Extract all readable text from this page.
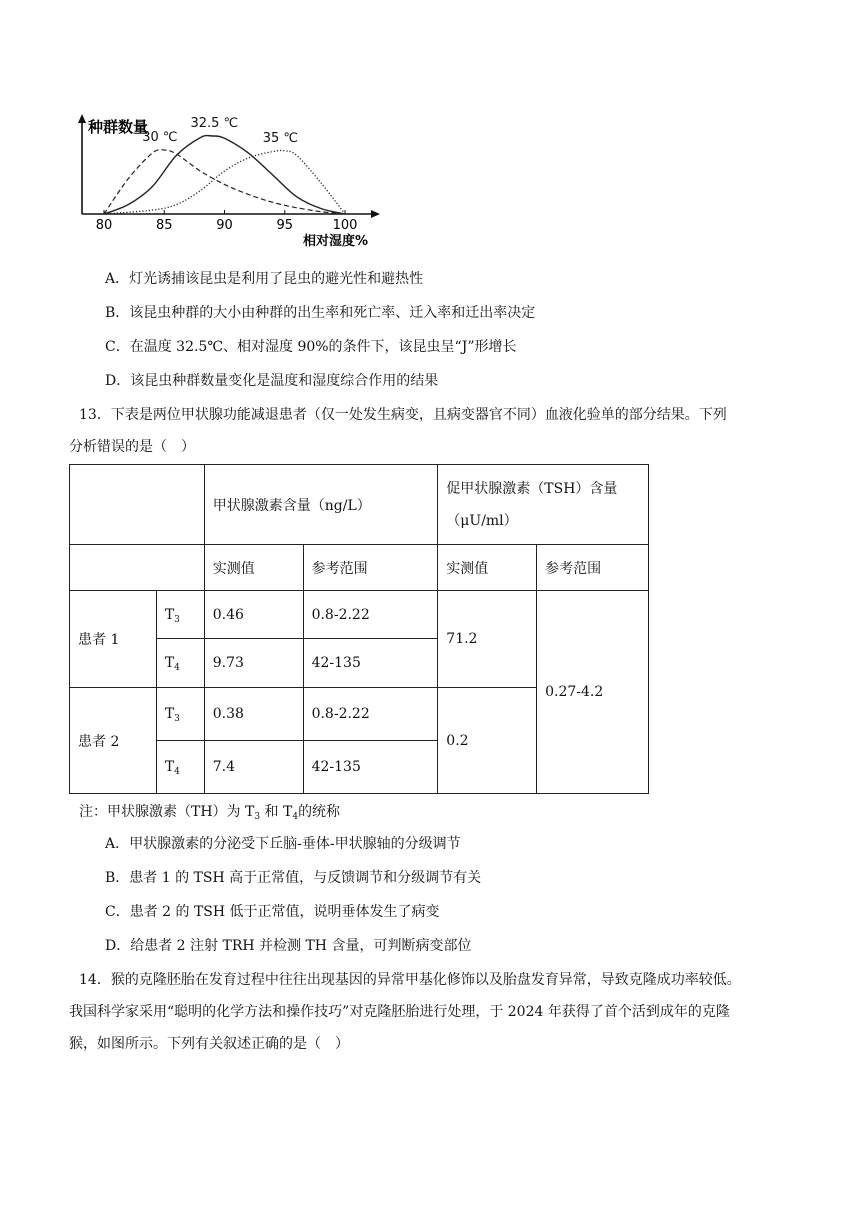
种群数量
相对湿度%
80	85	90	95	100
30 ℃
32.5 ℃
35 ℃
A．灯光诱捕该昆虫是利用了昆虫的避光性和避热性
B．该昆虫种群的大小由种群的出生率和死亡率、迁入率和迁出率决定
C．在温度 32.5℃、相对湿度 90%的条件下，该昆虫呈“J”形增长
D．该昆虫种群数量变化是温度和湿度综合作用的结果
13．下表是两位甲状腺功能减退患者（仅一处发生病变，且病变器官不同）血液化验单的部分结果。下列
分析错误的是（　）
		甲状腺激素含量（ng/L）		促甲状腺激素（TSH）含量
（μU/ml）	

		实测值	参考范围	实测值	参考范围
患者 1	$T_3$	0.46	0.8-2.22	71.2	0.27-4.2
	$T_4$	9.73	42-135		
患者 2	$T_3$	0.38	0.8-2.22	0.2	
	$T_4$	7.4	42-135		
注：甲状腺激素（TH）为 $T_3$ 和 $T_4$的统称
A．甲状腺激素的分泌受下丘脑-垂体-甲状腺轴的分级调节
B．患者 1 的 TSH 高于正常值，与反馈调节和分级调节有关
C．患者 2 的 TSH 低于正常值，说明垂体发生了病变
D．给患者 2 注射 TRH 并检测 TH 含量，可判断病变部位
14．猴的克隆胚胎在发育过程中往往出现基因的异常甲基化修饰以及胎盘发育异常，导致克隆成功率较低。
我国科学家采用“聪明的化学方法和操作技巧”对克隆胚胎进行处理，于 2024 年获得了首个活到成年的克隆
猴，如图所示。下列有关叙述正确的是（　）
